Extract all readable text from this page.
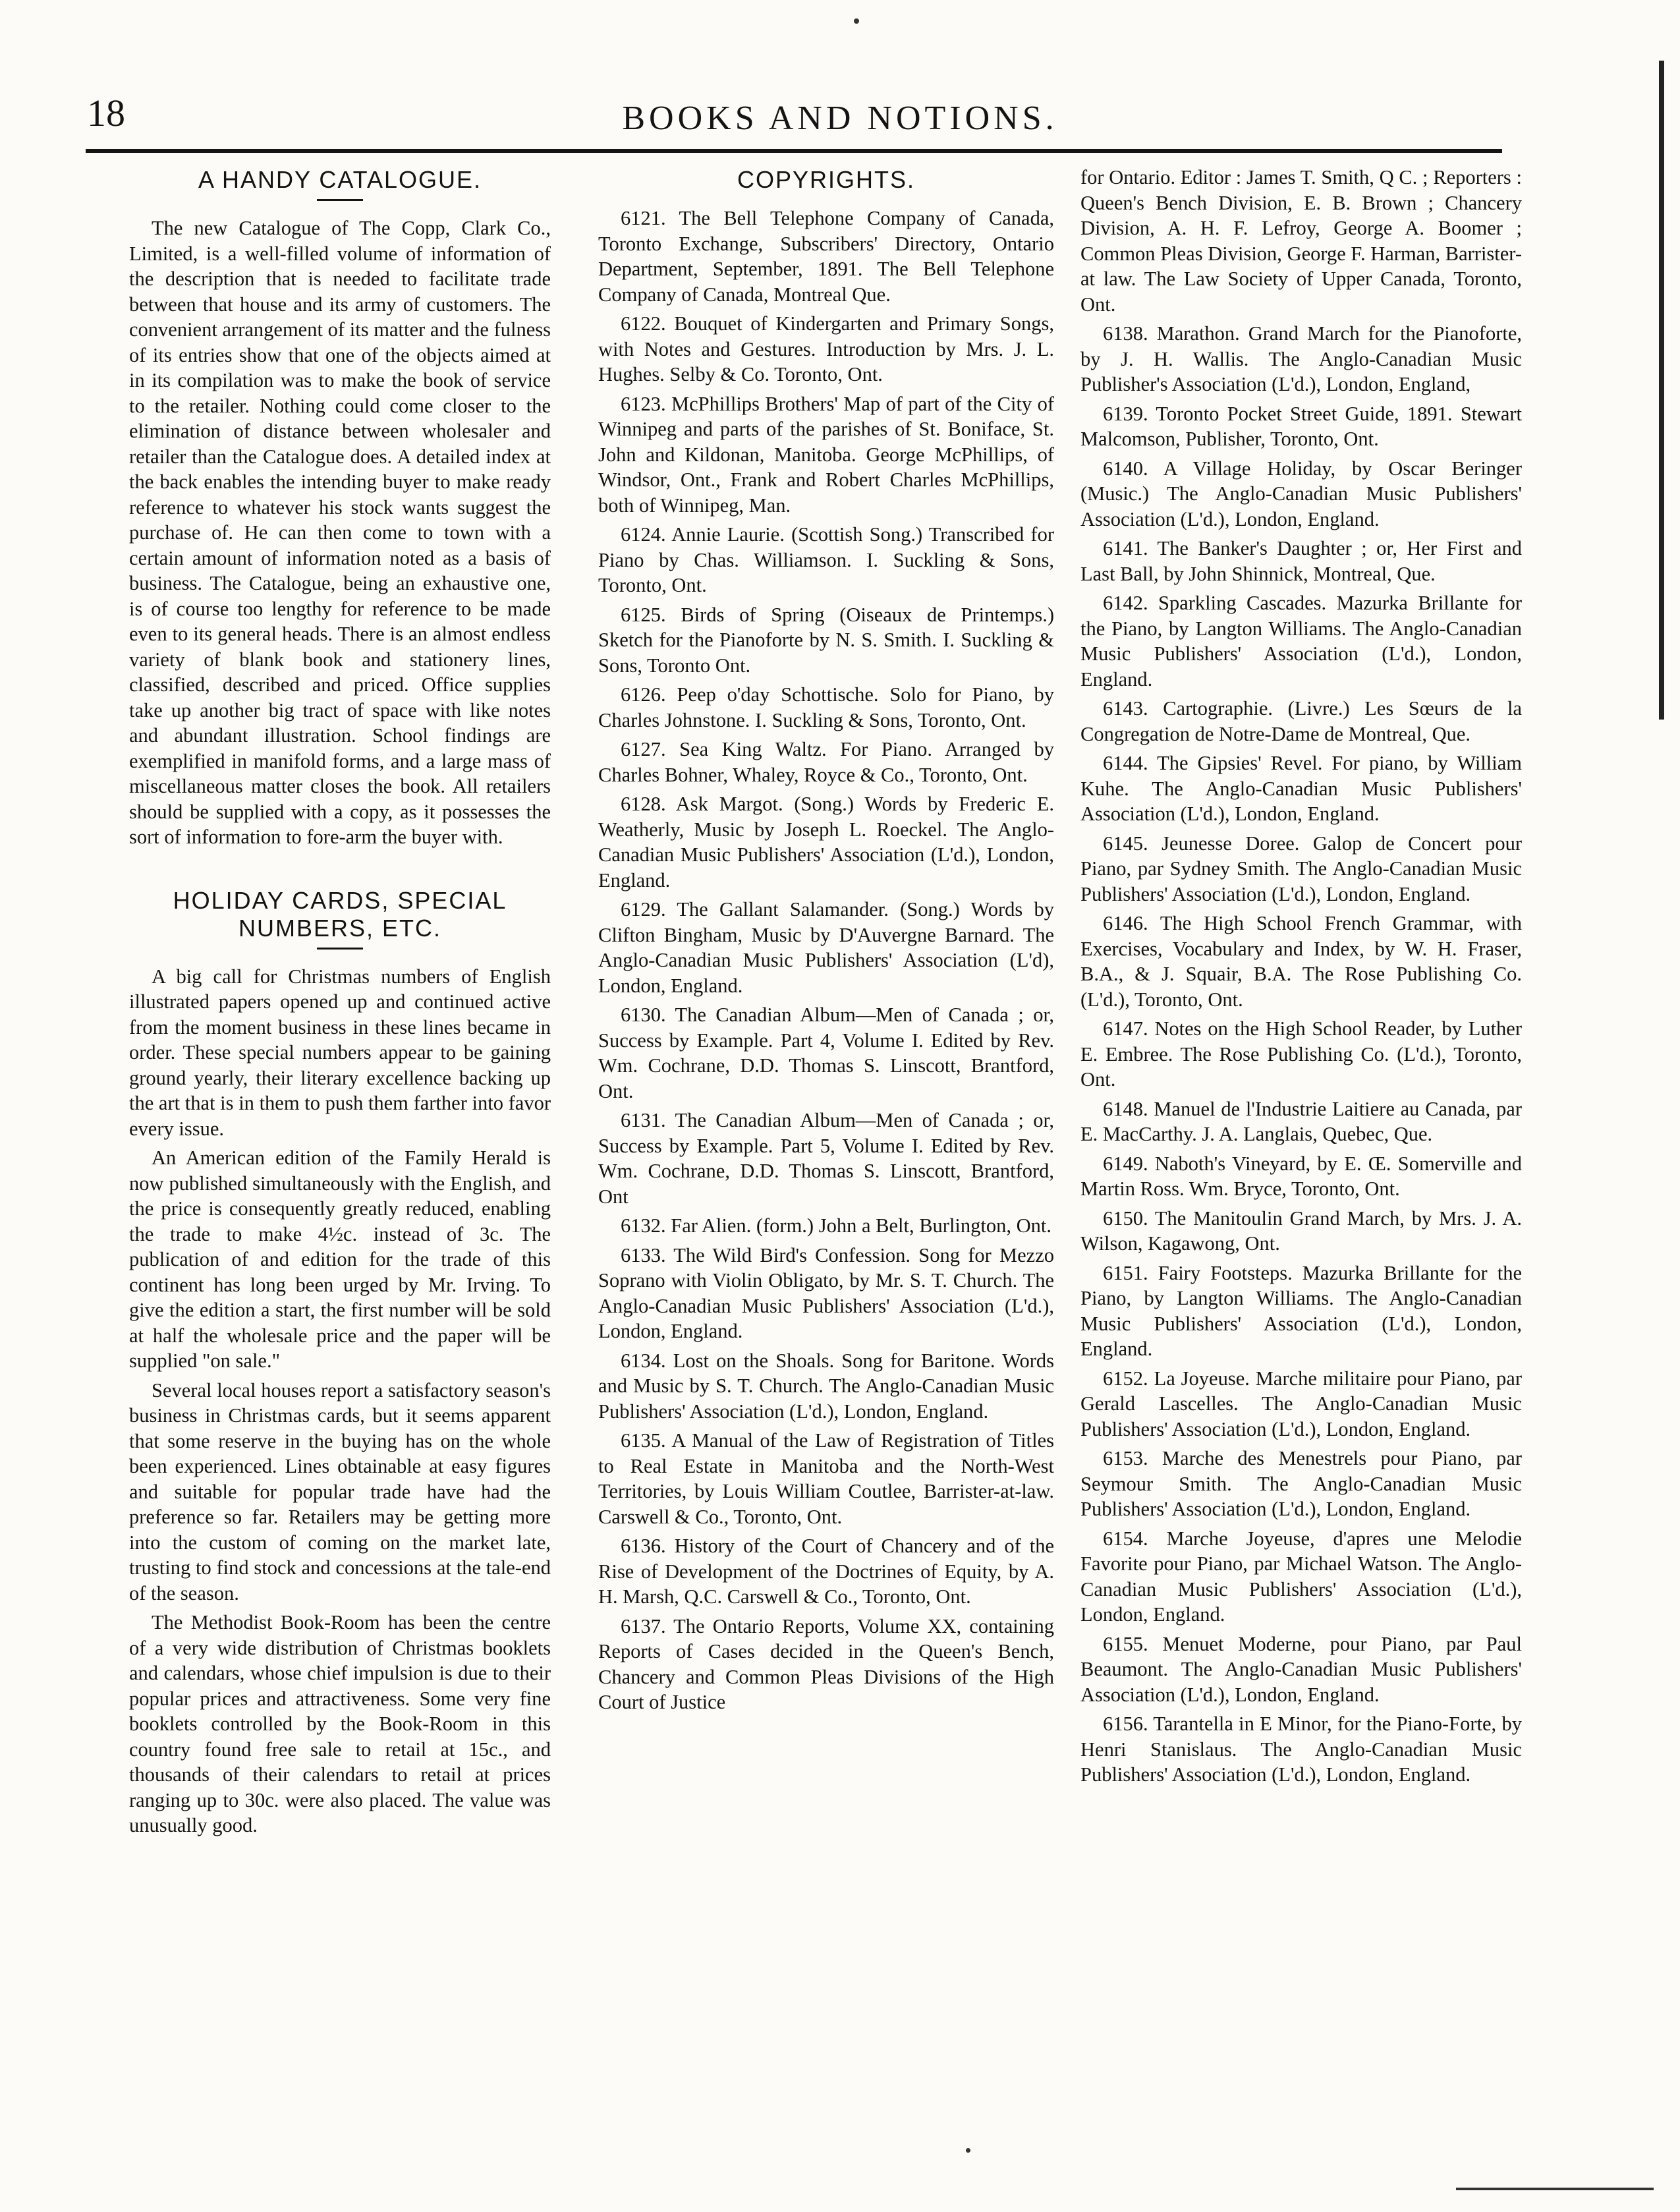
18	BOOKS AND NOTIONS.
A HANDY CATALOGUE.

The new Catalogue of The Copp, Clark Co., Limited, is a well-filled volume of information of the description that is needed to facilitate trade between that house and its army of customers. The convenient arrangement of its matter and the fulness of its entries show that one of the objects aimed at in its compilation was to make the book of service to the retailer. Nothing could come closer to the elimination of distance between wholesaler and retailer than the Catalogue does. A detailed index at the back enables the intending buyer to make ready reference to whatever his stock wants suggest the purchase of. He can then come to town with a certain amount of information noted as a basis of business. The Catalogue, being an exhaustive one, is of course too lengthy for reference to be made even to its general heads. There is an almost endless variety of blank book and stationery lines, classified, described and priced. Office supplies take up another big tract of space with like notes and abundant illustration. School findings are exemplified in manifold forms, and a large mass of miscellaneous matter closes the book. All retailers should be supplied with a copy, as it possesses the sort of information to fore-arm the buyer with.

HOLIDAY CARDS, SPECIAL NUMBERS, ETC.

A big call for Christmas numbers of English illustrated papers opened up and continued active from the moment business in these lines became in order. These special numbers appear to be gaining ground yearly, their literary excellence backing up the art that is in them to push them farther into favor every issue.

An American edition of the Family Herald is now published simultaneously with the English, and the price is consequently greatly reduced, enabling the trade to make 4½c. instead of 3c. The publication of and edition for the trade of this continent has long been urged by Mr. Irving. To give the edition a start, the first number will be sold at half the wholesale price and the paper will be supplied "on sale."

Several local houses report a satisfactory season's business in Christmas cards, but it seems apparent that some reserve in the buying has on the whole been experienced. Lines obtainable at easy figures and suitable for popular trade have had the preference so far. Retailers may be getting more into the custom of coming on the market late, trusting to find stock and concessions at the tale-end of the season.

The Methodist Book-Room has been the centre of a very wide distribution of Christmas booklets and calendars, whose chief impulsion is due to their popular prices and attractiveness. Some very fine booklets controlled by the Book-Room in this country found free sale to retail at 15c., and thousands of their calendars to retail at prices ranging up to 30c. were also placed. The value was unusually good.

COPYRIGHTS.

6121. The Bell Telephone Company of Canada, Toronto Exchange, Subscribers' Directory, Ontario Department, September, 1891. The Bell Telephone Company of Canada, Montreal Que.

6122. Bouquet of Kindergarten and Primary Songs, with Notes and Gestures. Introduction by Mrs. J. L. Hughes. Selby & Co. Toronto, Ont.

6123. McPhillips Brothers' Map of part of the City of Winnipeg and parts of the parishes of St. Boniface, St. John and Kildonan, Manitoba. George McPhillips, of Windsor, Ont., Frank and Robert Charles McPhillips, both of Winnipeg, Man.

6124. Annie Laurie. (Scottish Song.) Transcribed for Piano by Chas. Williamson. I. Suckling & Sons, Toronto, Ont.

6125. Birds of Spring (Oiseaux de Printemps.) Sketch for the Pianoforte by N. S. Smith. I. Suckling & Sons, Toronto Ont.

6126. Peep o'day Schottische. Solo for Piano, by Charles Johnstone. I. Suckling & Sons, Toronto, Ont.

6127. Sea King Waltz. For Piano. Arranged by Charles Bohner, Whaley, Royce & Co., Toronto, Ont.

6128. Ask Margot. (Song.) Words by Frederic E. Weatherly, Music by Joseph L. Roeckel. The Anglo-Canadian Music Publishers' Association (L'd.), London, England.

6129. The Gallant Salamander. (Song.) Words by Clifton Bingham, Music by D'Auvergne Barnard. The Anglo-Canadian Music Publishers' Association (L'd), London, England.

6130. The Canadian Album—Men of Canada ; or, Success by Example. Part 4, Volume I. Edited by Rev. Wm. Cochrane, D.D. Thomas S. Linscott, Brantford, Ont.

6131. The Canadian Album—Men of Canada ; or, Success by Example. Part 5, Volume I. Edited by Rev. Wm. Cochrane, D.D. Thomas S. Linscott, Brantford, Ont

6132. Far Alien. (form.) John a Belt, Burlington, Ont.

6133. The Wild Bird's Confession. Song for Mezzo Soprano with Violin Obligato, by Mr. S. T. Church. The Anglo-Canadian Music Publishers' Association (L'd.), London, England.

6134. Lost on the Shoals. Song for Baritone. Words and Music by S. T. Church. The Anglo-Canadian Music Publishers' Association (L'd.), London, England.

6135. A Manual of the Law of Registration of Titles to Real Estate in Manitoba and the North-West Territories, by Louis William Coutlee, Barrister-at-law. Carswell & Co., Toronto, Ont.

6136. History of the Court of Chancery and of the Rise of Development of the Doctrines of Equity, by A. H. Marsh, Q.C. Carswell & Co., Toronto, Ont.

6137. The Ontario Reports, Volume XX, containing Reports of Cases decided in the Queen's Bench, Chancery and Common Pleas Divisions of the High Court of Justice

for Ontario. Editor : James T. Smith, Q C. ; Reporters : Queen's Bench Division, E. B. Brown ; Chancery Division, A. H. F. Lefroy, George A. Boomer ; Common Pleas Division, George F. Harman, Barrister-at law. The Law Society of Upper Canada, Toronto, Ont.

6138. Marathon. Grand March for the Pianoforte, by J. H. Wallis. The Anglo-Canadian Music Publisher's Association (L'd.), London, England,

6139. Toronto Pocket Street Guide, 1891. Stewart Malcomson, Publisher, Toronto, Ont.

6140. A Village Holiday, by Oscar Beringer (Music.) The Anglo-Canadian Music Publishers' Association (L'd.), London, England.

6141. The Banker's Daughter ; or, Her First and Last Ball, by John Shinnick, Montreal, Que.

6142. Sparkling Cascades. Mazurka Brillante for the Piano, by Langton Williams. The Anglo-Canadian Music Publishers' Association (L'd.), London, England.

6143. Cartographie. (Livre.) Les Sœurs de la Congregation de Notre-Dame de Montreal, Que.

6144. The Gipsies' Revel. For piano, by William Kuhe. The Anglo-Canadian Music Publishers' Association (L'd.), London, England.

6145. Jeunesse Doree. Galop de Concert pour Piano, par Sydney Smith. The Anglo-Canadian Music Publishers' Association (L'd.), London, England.

6146. The High School French Grammar, with Exercises, Vocabulary and Index, by W. H. Fraser, B.A., & J. Squair, B.A. The Rose Publishing Co. (L'd.), Toronto, Ont.

6147. Notes on the High School Reader, by Luther E. Embree. The Rose Publishing Co. (L'd.), Toronto, Ont.

6148. Manuel de l'Industrie Laitiere au Canada, par E. MacCarthy. J. A. Langlais, Quebec, Que.

6149. Naboth's Vineyard, by E. Œ. Somerville and Martin Ross. Wm. Bryce, Toronto, Ont.

6150. The Manitoulin Grand March, by Mrs. J. A. Wilson, Kagawong, Ont.

6151. Fairy Footsteps. Mazurka Brillante for the Piano, by Langton Williams. The Anglo-Canadian Music Publishers' Association (L'd.), London, England.

6152. La Joyeuse. Marche militaire pour Piano, par Gerald Lascelles. The Anglo-Canadian Music Publishers' Association (L'd.), London, England.

6153. Marche des Menestrels pour Piano, par Seymour Smith. The Anglo-Canadian Music Publishers' Association (L'd.), London, England.

6154. Marche Joyeuse, d'apres une Melodie Favorite pour Piano, par Michael Watson. The Anglo-Canadian Music Publishers' Association (L'd.), London, England.

6155. Menuet Moderne, pour Piano, par Paul Beaumont. The Anglo-Canadian Music Publishers' Association (L'd.), London, England.

6156. Tarantella in E Minor, for the Piano-Forte, by Henri Stanislaus. The Anglo-Canadian Music Publishers' Association (L'd.), London, England.
